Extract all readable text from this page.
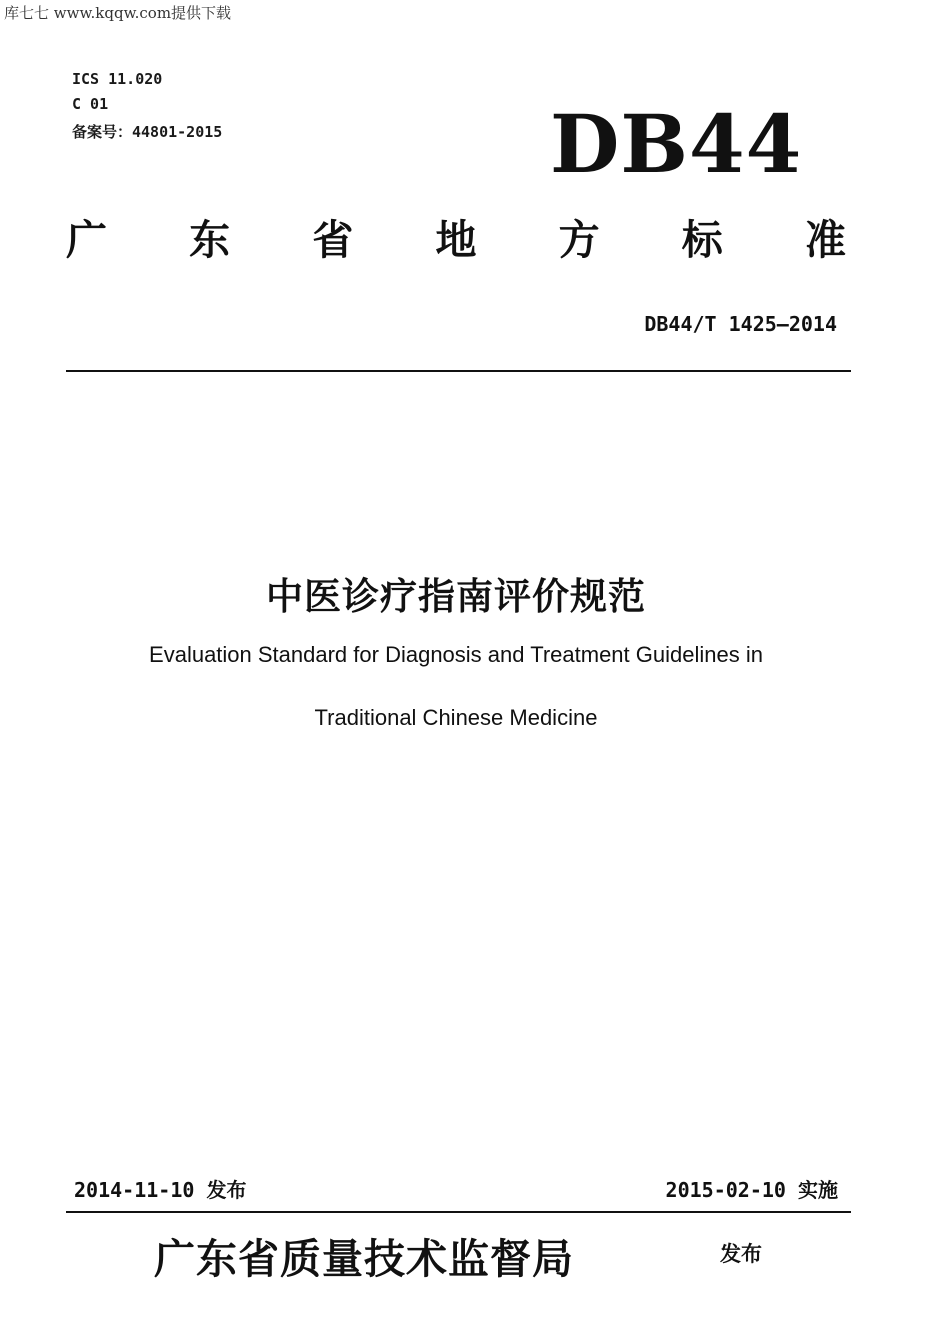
库七七 www.kqqw.com提供下载
ICS 11.020
C 01
备案号：44801-2015	DB44
广 东 省 地 方 标 准
DB44/T 1425—2014
中医诊疗指南评价规范
Evaluation Standard for Diagnosis and Treatment Guidelines in
Traditional Chinese Medicine
2014-11-10 发布	2015-02-10 实施
广东省质量技术监督局	发布
